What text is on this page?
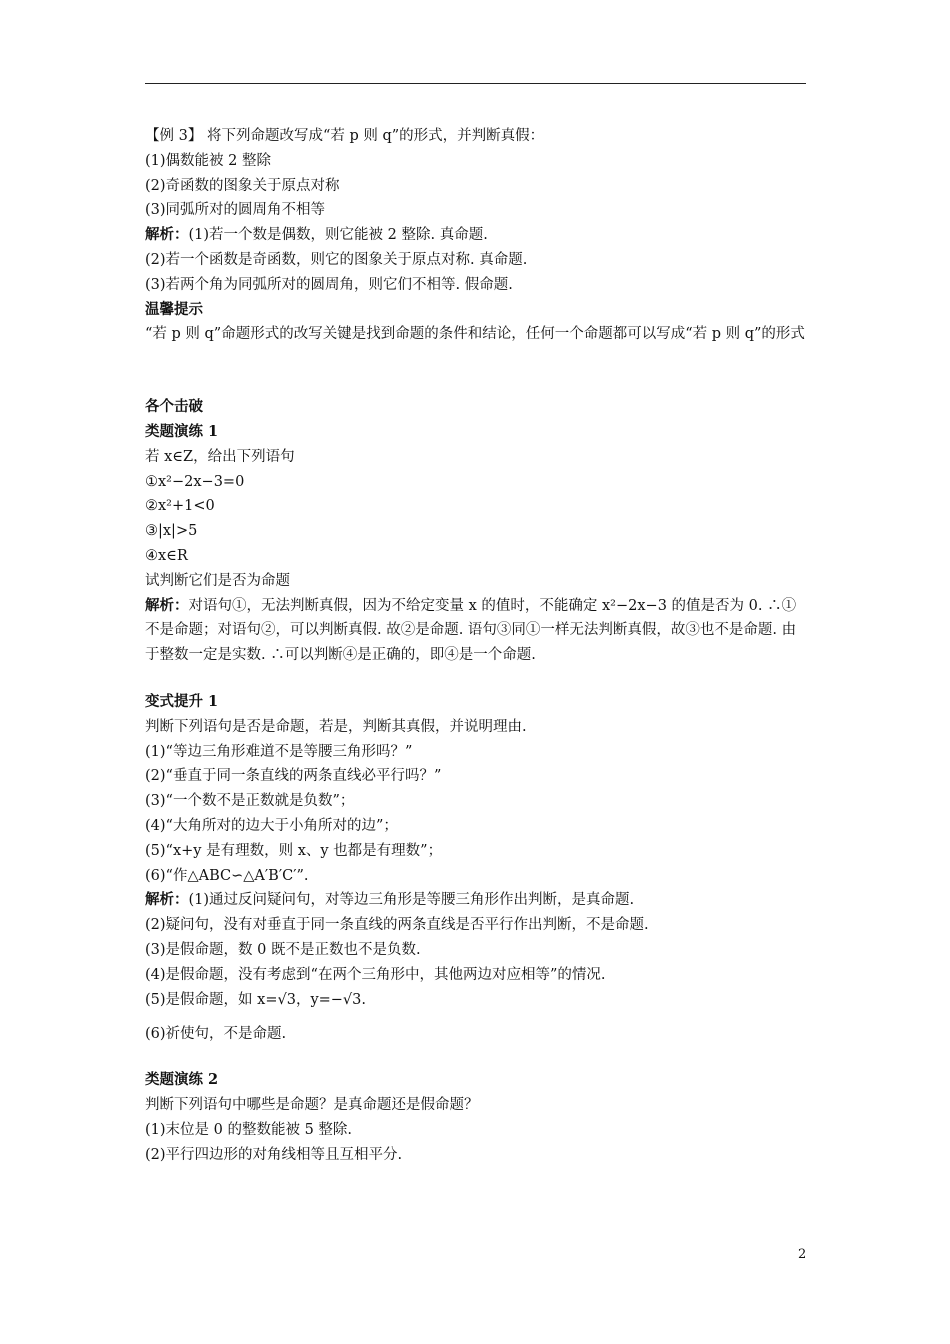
【例 3】 将下列命题改写成“若 p 则 q”的形式，并判断真假：
(1)偶数能被 2 整除
(2)奇函数的图象关于原点对称
(3)同弧所对的圆周角不相等
解析：(1)若一个数是偶数，则它能被 2 整除. 真命题.
(2)若一个函数是奇函数，则它的图象关于原点对称. 真命题.
(3)若两个角为同弧所对的圆周角，则它们不相等. 假命题.
温馨提示
“若 p 则 q”命题形式的改写关键是找到命题的条件和结论，任何一个命题都可以写成“若 p 则 q”的形式
各个击破
类题演练 1
若 x∈Z，给出下列语句
①x²−2x−3=0
②x²+1<0
③|x|>5
④x∈R
试判断它们是否为命题
解析：对语句①，无法判断真假，因为不给定变量 x 的值时，不能确定 x²−2x−3 的值是否为 0. ∴① 不是命题；对语句②，可以判断真假. 故②是命题. 语句③同①一样无法判断真假，故③也不是命题. 由于整数一定是实数. ∴可以判断④是正确的，即④是一个命题.
变式提升 1
判断下列语句是否是命题，若是，判断其真假，并说明理由.
(1)“等边三角形难道不是等腰三角形吗？”
(2)“垂直于同一条直线的两条直线必平行吗？”
(3)“一个数不是正数就是负数”；
(4)“大角所对的边大于小角所对的边”；
(5)“x+y 是有理数，则 x、y 也都是有理数”；
(6)“作△ABC∽△A′B′C′”.
解析：(1)通过反问疑问句，对等边三角形是等腰三角形作出判断，是真命题.
(2)疑问句，没有对垂直于同一条直线的两条直线是否平行作出判断，不是命题.
(3)是假命题，数 0 既不是正数也不是负数.
(4)是假命题，没有考虑到“在两个三角形中，其他两边对应相等”的情况.
(5)是假命题，如 x=√3，y=−√3.
(6)祈使句，不是命题.
类题演练 2
判断下列语句中哪些是命题？是真命题还是假命题？
(1)末位是 0 的整数能被 5 整除.
(2)平行四边形的对角线相等且互相平分.
2
